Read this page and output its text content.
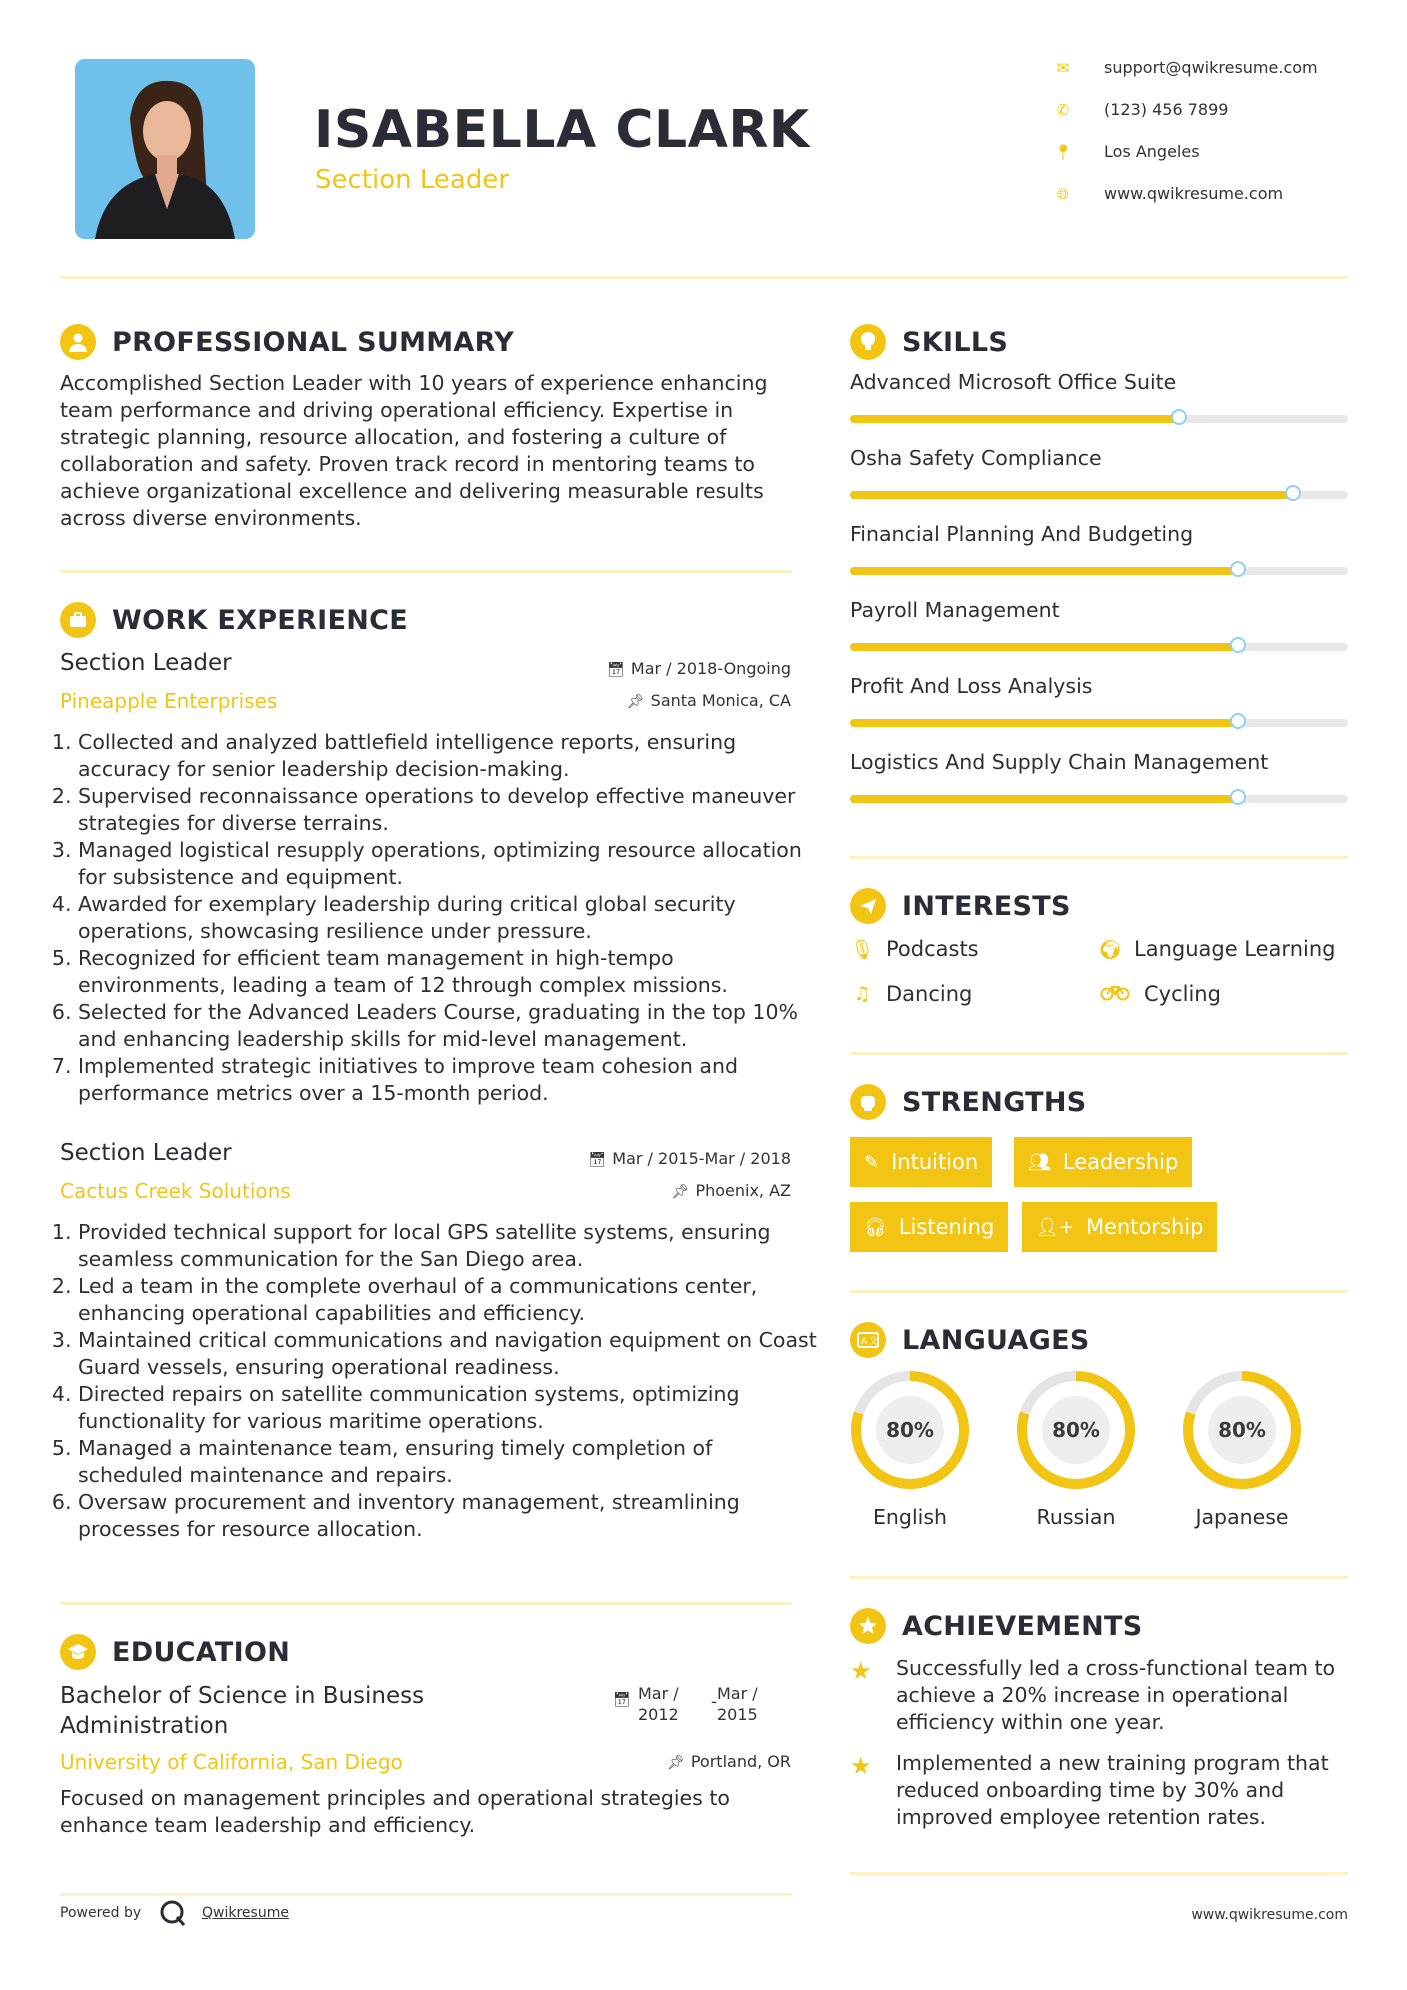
ISABELLA CLARK
Section Leader
✉ support@qwikresume.com
✆ (123) 456 7899
📍︎ Los Angeles
🌐︎	www.qwikresume.com
PROFESSIONAL SUMMARY
Accomplished Section Leader with 10 years of experience enhancing team performance and driving operational efficiency. Expertise in strategic planning, resource allocation, and fostering a culture of collaboration and safety. Proven track record in mentoring teams to achieve organizational excellence and delivering measurable results across diverse environments.
WORK EXPERIENCE
Section Leader
Pineapple Enterprises
📅︎ Mar / 2018-Ongoing
📌︎ Santa Monica, CA
1. Collected and analyzed battlefield intelligence reports, ensuring accuracy for senior leadership decision-making.
2. Supervised reconnaissance operations to develop effective maneuver strategies for diverse terrains.
3. Managed logistical resupply operations, optimizing resource allocation for subsistence and equipment.
4. Awarded for exemplary leadership during critical global security operations, showcasing resilience under pressure.
5. Recognized for efficient team management in high-tempo environments, leading a team of 12 through complex missions.
6. Selected for the Advanced Leaders Course, graduating in the top 10% and enhancing leadership skills for mid-level management.
7. Implemented strategic initiatives to improve team cohesion and performance metrics over a 15-month period.
Section Leader
Cactus Creek Solutions
📅︎ Mar / 2015-Mar / 2018
📌︎ Phoenix, AZ
1. Provided technical support for local GPS satellite systems, ensuring seamless communication for the San Diego area.
2. Led a team in the complete overhaul of a communications center, enhancing operational capabilities and efficiency.
3. Maintained critical communications and navigation equipment on Coast Guard vessels, ensuring operational readiness.
4. Directed repairs on satellite communication systems, optimizing functionality for various maritime operations.
5. Managed a maintenance team, ensuring timely completion of scheduled maintenance and repairs.
6. Oversaw procurement and inventory management, streamlining processes for resource allocation.
EDUCATION
Bachelor of Science in Business Administration
📅︎ Mar / 2012
- Mar / 2015
University of California, San Diego	📌︎ Portland, OR
Focused on management principles and operational strategies to enhance team leadership and efficiency.
SKILLS
Advanced Microsoft Office Suite
Osha Safety Compliance
Financial Planning And Budgeting
Payroll Management
Profit And Loss Analysis
Logistics And Supply Chain Management
INTERESTS
🎙︎ Podcasts	🌍︎ Language Learning
♫ Dancing	Cycling
STRENGTHS
✎ Intuition	👥︎ Leadership
🎧︎ Listening 👤︎+ Mentorship
A 文 LANGUAGES
80%
English
80%
Russian
80%
Japanese
ACHIEVEMENTS
★ Successfully led a cross-functional team to achieve a 20% increase in operational efficiency within one year.
★ Implemented a new training program that reduced onboarding time by 30% and improved employee retention rates.
Powered by	Qwikresume	www.qwikresume.com
